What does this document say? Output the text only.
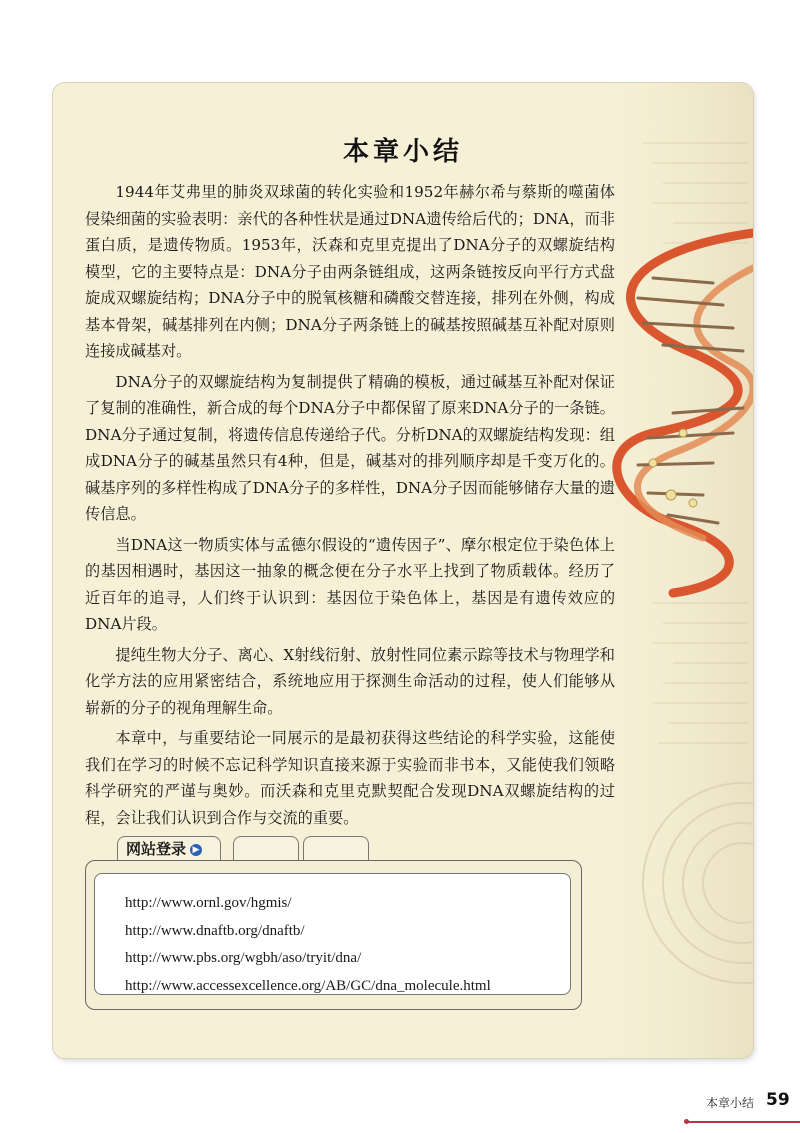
本章小结

1944年艾弗里的肺炎双球菌的转化实验和1952年赫尔希与蔡斯的噬菌体侵染细菌的实验表明：亲代的各种性状是通过DNA遗传给后代的；DNA，而非蛋白质，是遗传物质。1953年，沃森和克里克提出了DNA分子的双螺旋结构模型，它的主要特点是：DNA分子由两条链组成，这两条链按反向平行方式盘旋成双螺旋结构；DNA分子中的脱氧核糖和磷酸交替连接，排列在外侧，构成基本骨架，碱基排列在内侧；DNA分子两条链上的碱基按照碱基互补配对原则连接成碱基对。

DNA分子的双螺旋结构为复制提供了精确的模板，通过碱基互补配对保证了复制的准确性，新合成的每个DNA分子中都保留了原来DNA分子的一条链。DNA分子通过复制，将遗传信息传递给子代。分析DNA的双螺旋结构发现：组成DNA分子的碱基虽然只有4种，但是，碱基对的排列顺序却是千变万化的。碱基序列的多样性构成了DNA分子的多样性，DNA分子因而能够储存大量的遗传信息。

当DNA这一物质实体与孟德尔假设的“遗传因子”、摩尔根定位于染色体上的基因相遇时，基因这一抽象的概念便在分子水平上找到了物质载体。经历了近百年的追寻，人们终于认识到：基因位于染色体上，基因是有遗传效应的DNA片段。

提纯生物大分子、离心、X射线衍射、放射性同位素示踪等技术与物理学和化学方法的应用紧密结合，系统地应用于探测生命活动的过程，使人们能够从崭新的分子的视角理解生命。

本章中，与重要结论一同展示的是最初获得这些结论的科学实验，这能使我们在学习的时候不忘记科学知识直接来源于实验而非书本，又能使我们领略科学研究的严谨与奥妙。而沃森和克里克默契配合发现DNA双螺旋结构的过程，会让我们认识到合作与交流的重要。

网站登录 ▶
http://www.ornl.gov/hgmis/
http://www.dnaftb.org/dnaftb/
http://www.pbs.org/wgbh/aso/tryit/dna/
http://www.accessexcellence.org/AB/GC/dna_molecule.html
本章小结 59
